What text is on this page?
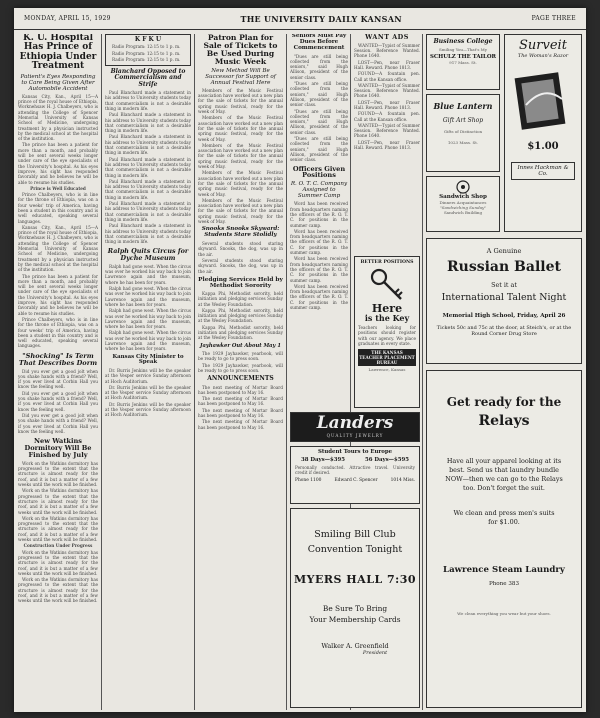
MONDAY, APRIL 15, 1929	THE UNIVERSITY DAILY KANSAN	PAGE THREE
K. U. Hospital Has Prince of Ethiopia Under Treatment
Patient's Eyes Responding to Care Being Given After Automobile Accident

Kansas City, Kan., April 15—A prince of the royal house of Ethiopia, Worknehsaw H. J. Chalbeyers, who is attending the College of Spencer Memorial University of Kansas School of Medicine, undergoing treatment by a physician instructed by the medical school at the hospital of the institution.

The prince has been a patient for more than a month, and probably will be sent several weeks longer under care of the eye specialists of the University's hospital. As his eyes improve, his sight has responded favorably and he believes he will be able to resume his studies.

Prince is Well Educated

Prince Chalbeyers, who is in line for the throne of Ethiopia, was on a four weeks' trip of America, having been a student in this country and is well educated, speaking several languages.

Kansas City, Kan., April 15—A prince of the royal house of Ethiopia, Worknehsaw H. J. Chalbeyers, who is attending the College of Spencer Memorial University of Kansas School of Medicine, undergoing treatment by a physician instructed by the medical school at the hospital of the institution.

The prince has been a patient for more than a month, and probably will be sent several weeks longer under care of the eye specialists of the University's hospital. As his eyes improve, his sight has responded favorably and he believes he will be able to resume his studies.

Prince Chalbeyers, who is in line for the throne of Ethiopia, was on a four weeks' trip of America, having been a student in this country and is well educated, speaking several languages.

"Shocking" Is Term That Describes Dorm

Did you ever get a good jolt when you shake hands with a friend? Well, if you ever lived at Corbin Hall you know the feeling well.

Did you ever get a good jolt when you shake hands with a friend? Well, if you ever lived at Corbin Hall you know the feeling well.

Did you ever get a good jolt when you shake hands with a friend? Well, if you ever lived at Corbin Hall you know the feeling well.

New Watkins Dormitory Will Be Finished by July

Work on the Watkins dormitory has progressed to the extent that the structure is almost ready for the roof, and it is but a matter of a few weeks until the work will be finished.

Work on the Watkins dormitory has progressed to the extent that the structure is almost ready for the roof, and it is but a matter of a few weeks until the work will be finished.

Work on the Watkins dormitory has progressed to the extent that the structure is almost ready for the roof, and it is but a matter of a few weeks until the work will be finished.

Construction Under Progress

Work on the Watkins dormitory has progressed to the extent that the structure is almost ready for the roof, and it is but a matter of a few weeks until the work will be finished.

Work on the Watkins dormitory has progressed to the extent that the structure is almost ready for the roof, and it is but a matter of a few weeks until the work will be finished.

K F K U

Radio Program: 12:15 to 1 p. m.

Radio Program: 12:15 to 1 p. m.

Radio Program: 12:15 to 1 p. m.

Blanchard Opposed to Commercialism and Strife

Paul Blanchard made a statement in his address to University students today that commercialism is not a desirable thing in modern life.

Paul Blanchard made a statement in his address to University students today that commercialism is not a desirable thing in modern life.

Paul Blanchard made a statement in his address to University students today that commercialism is not a desirable thing in modern life.

Paul Blanchard made a statement in his address to University students today that commercialism is not a desirable thing in modern life.

Paul Blanchard made a statement in his address to University students today that commercialism is not a desirable thing in modern life.

Paul Blanchard made a statement in his address to University students today that commercialism is not a desirable thing in modern life.

Paul Blanchard made a statement in his address to University students today that commercialism is not a desirable thing in modern life.

Ralph Quits Circus for Dyche Museum

Ralph had gone west. When the circus was over he worked his way back to join Lawrence again and the museum, where he has been for years.

Ralph had gone west. When the circus was over he worked his way back to join Lawrence again and the museum, where he has been for years.

Ralph had gone west. When the circus was over he worked his way back to join Lawrence again and the museum, where he has been for years.

Ralph had gone west. When the circus was over he worked his way back to join Lawrence again and the museum, where he has been for years.

Kansas City Minister to Speak

Dr. Burris Jenkins will be the speaker at the Vesper service Sunday afternoon at Hoch Auditorium.

Dr. Burris Jenkins will be the speaker at the Vesper service Sunday afternoon at Hoch Auditorium.

Dr. Burris Jenkins will be the speaker at the Vesper service Sunday afternoon at Hoch Auditorium.

Patron Plan for Sale of Tickets to Be Used During Music Week
New Method Will Be Successor for Support of Annual Festival Here

Members of the Music Festival association have worked out a new plan for the sale of tickets for the annual spring music festival, ready for the week of May.

Members of the Music Festival association have worked out a new plan for the sale of tickets for the annual spring music festival, ready for the week of May.

Members of the Music Festival association have worked out a new plan for the sale of tickets for the annual spring music festival, ready for the week of May.

Members of the Music Festival association have worked out a new plan for the sale of tickets for the annual spring music festival, ready for the week of May.

Members of the Music Festival association have worked out a new plan for the sale of tickets for the annual spring music festival, ready for the week of May.

Snooks Snooks Skyward: Students Stare Stolidly

Several students stood staring skyward. Snooks, the dog, was up in the air.

Several students stood staring skyward. Snooks, the dog, was up in the air.

Pledging Services Held by Methodist Sorority

Kappa Phi, Methodist sorority, held initiation and pledging services Sunday at the Wesley Foundation.

Kappa Phi, Methodist sorority, held initiation and pledging services Sunday at the Wesley Foundation.

Kappa Phi, Methodist sorority, held initiation and pledging services Sunday at the Wesley Foundation.

Jayhawker Out About May 1

The 1929 Jayhawker, yearbook, will be ready to go to press soon.

The 1929 Jayhawker, yearbook, will be ready to go to press soon.

ANNOUNCEMENTS

The next meeting of Mortar Board has been postponed to May 16.

The next meeting of Mortar Board has been postponed to May 16.

The next meeting of Mortar Board has been postponed to May 16.

The next meeting of Mortar Board has been postponed to May 16.

Seniors Must Pay Dues Before Commencement

"Dues are still being collected from the seniors," said Hugh Allison, president of the senior class.

"Dues are still being collected from the seniors," said Hugh Allison, president of the senior class.

"Dues are still being collected from the seniors," said Hugh Allison, president of the senior class.

"Dues are still being collected from the seniors," said Hugh Allison, president of the senior class.

Officers Given Positions
R. O. T. C. Company Assigned to Summer Camp

Word has been received from headquarters naming the officers of the R. O. T. C. for positions in the summer camp.

Word has been received from headquarters naming the officers of the R. O. T. C. for positions in the summer camp.

Word has been received from headquarters naming the officers of the R. O. T. C. for positions in the summer camp.

Word has been received from headquarters naming the officers of the R. O. T. C. for positions in the summer camp.

WANT ADS

WANTED—Typist of Summer Session. Reference Wanted. Phone 1640.

LOST—Pen, near Fraser Hall. Reward. Phone 1813.

FOUND—A fountain pen. Call at the Kansan office.

WANTED—Typist of Summer Session. Reference Wanted. Phone 1640.

LOST—Pen, near Fraser Hall. Reward. Phone 1813.

FOUND—A fountain pen. Call at the Kansan office.

WANTED—Typist of Summer Session. Reference Wanted. Phone 1640.

LOST—Pen, near Fraser Hall. Reward. Phone 1813.

BETTER POSITIONS
Here
is the Key
Teachers looking for positions should register with our agency. We place graduates in every state.
THE KANSAS TEACHER PLACEMENT BUREAU
Lawrence, Kansas
Landers
QUALITY JEWELRY
Student Tours to Europe
38 Days—$395	56 Days—$595
Personally conducted. Attractive travel. University credit if desired.
Phone 1100	Edward C. Spencer	1014 Miss.
Smiling Bill Club
Convention Tonight
MYERS HALL 7:30
Be Sure To Bring
Your Membership Cards
Walker A. Greenfield
President
Business College
Smiling You—That's My
SCHULZ THE TAILOR
917 Mass. St.
Blue Lantern
Gift Art Shop
Gifts of Distinction
1023 Mass. St.
Sandwich Shop
Dinners Acquaintances
"Sandwiching Sunday"
Sandwich Building
Surveit
The Woman's Razor
$1.00
Innes Hackman & Co.
A Genuine
Russian Ballet
Set it at
International Talent Night
Memorial High School, Friday, April 26
Tickets 50c and 75c at the door, at Steich's, or at the Round Corner Drug Store
Get ready for the
Relays
Have all your apparel looking at its best. Send us that laundry bundle NOW—then we can go to the Relays too. Don't forget the suit.
We clean and press men's suits for $1.00.
Lawrence Steam Laundry
Phone 383
We clean everything you wear but your shoes.
